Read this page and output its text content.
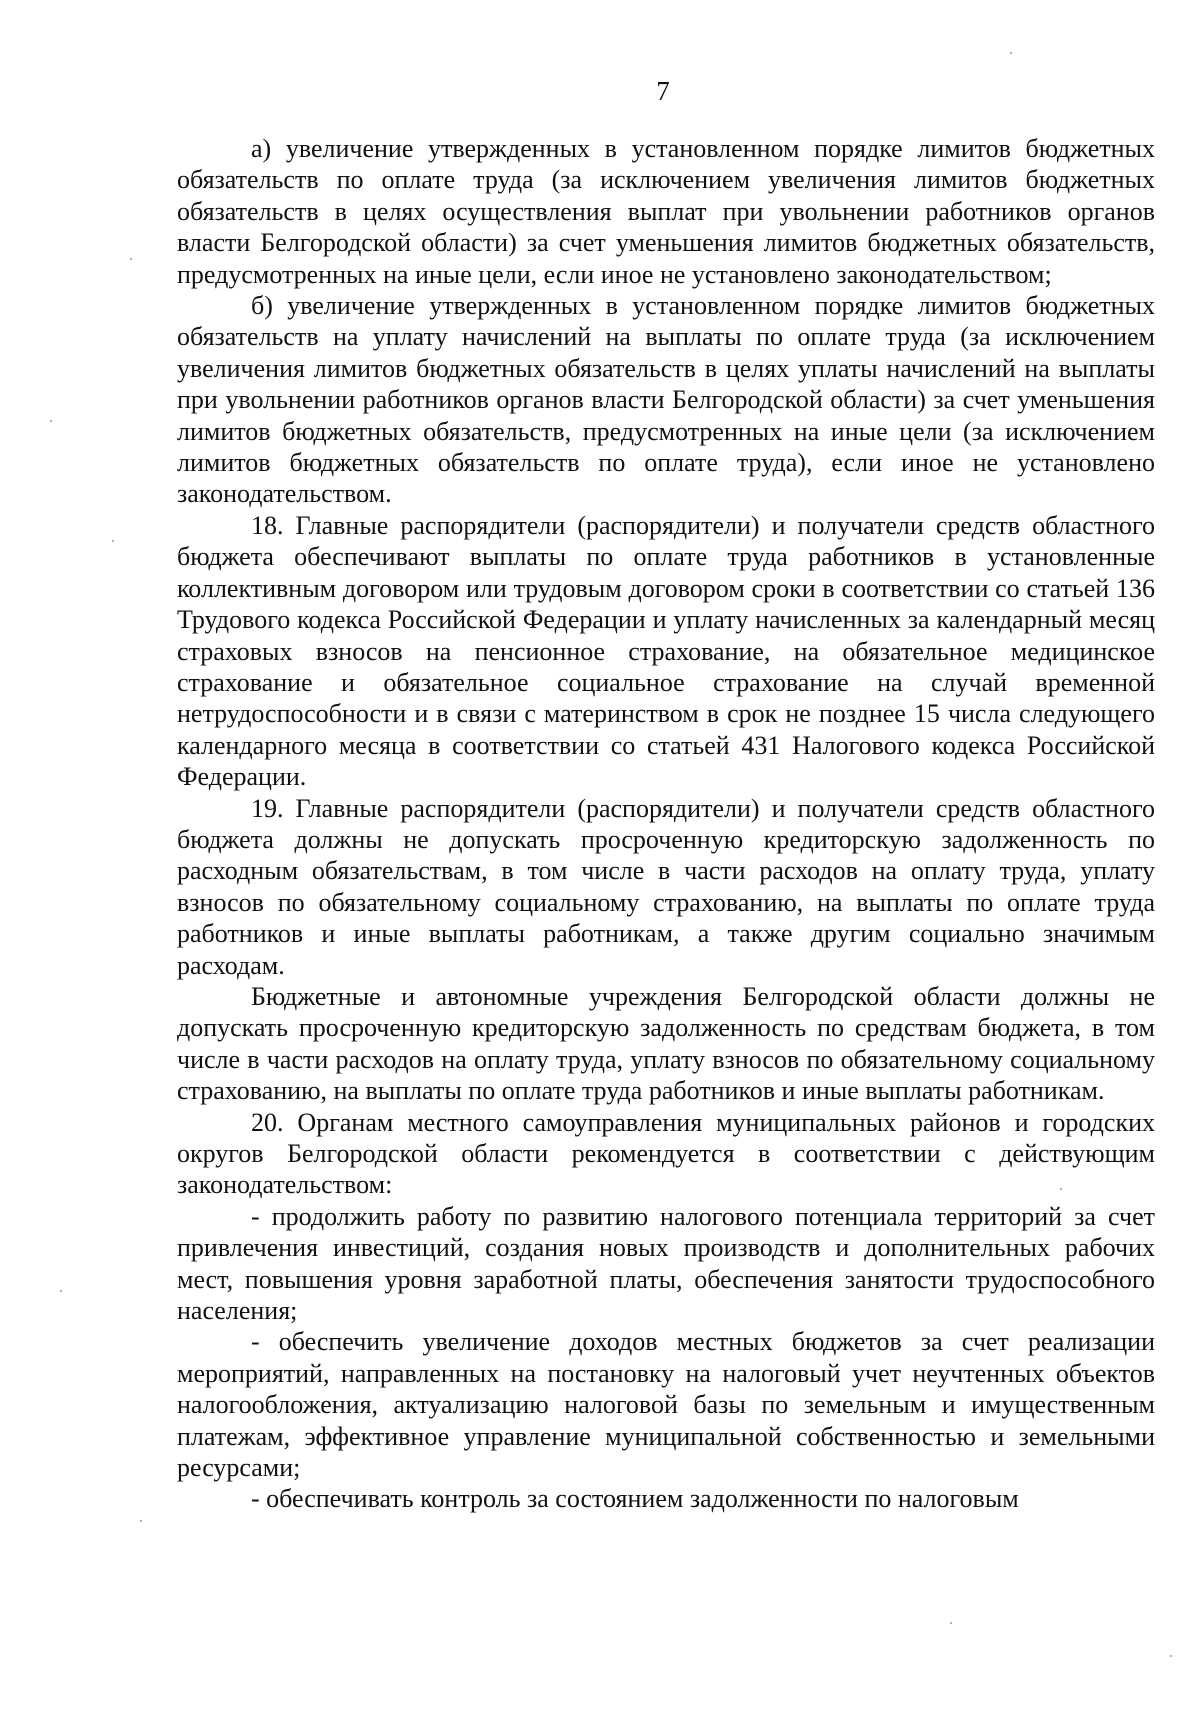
7

а) увеличение утвержденных в установленном порядке лимитов бюджетных обязательств по оплате труда (за исключением увеличения лимитов бюджетных обязательств в целях осуществления выплат при увольнении работников органов власти Белгородской области) за счет уменьшения лимитов бюджетных обязательств, предусмотренных на иные цели, если иное не установлено законодательством;

б) увеличение утвержденных в установленном порядке лимитов бюджетных обязательств на уплату начислений на выплаты по оплате труда (за исключением увеличения лимитов бюджетных обязательств в целях уплаты начислений на выплаты при увольнении работников органов власти Белгородской области) за счет уменьшения лимитов бюджетных обязательств, предусмотренных на иные цели (за исключением лимитов бюджетных обязательств по оплате труда), если иное не установлено законодательством.

18. Главные распорядители (распорядители) и получатели средств областного бюджета обеспечивают выплаты по оплате труда работников в установленные коллективным договором или трудовым договором сроки в соответствии со статьей 136 Трудового кодекса Российской Федерации и уплату начисленных за календарный месяц страховых взносов на пенсионное страхование, на обязательное медицинское страхование и обязательное социальное страхование на случай временной нетрудоспособности и в связи с материнством в срок не позднее 15 числа следующего календарного месяца в соответствии со статьей 431 Налогового кодекса Российской Федерации.

19. Главные распорядители (распорядители) и получатели средств областного бюджета должны не допускать просроченную кредиторскую задолженность по расходным обязательствам, в том числе в части расходов на оплату труда, уплату взносов по обязательному социальному страхованию, на выплаты по оплате труда работников и иные выплаты работникам, а также другим социально значимым расходам.

Бюджетные и автономные учреждения Белгородской области должны не допускать просроченную кредиторскую задолженность по средствам бюджета, в том числе в части расходов на оплату труда, уплату взносов по обязательному социальному страхованию, на выплаты по оплате труда работников и иные выплаты работникам.

20. Органам местного самоуправления муниципальных районов и городских округов Белгородской области рекомендуется в соответствии с действующим законодательством:

- продолжить работу по развитию налогового потенциала территорий за счет привлечения инвестиций, создания новых производств и дополнительных рабочих мест, повышения уровня заработной платы, обеспечения занятости трудоспособного населения;

- обеспечить увеличение доходов местных бюджетов за счет реализации мероприятий, направленных на постановку на налоговый учет неучтенных объектов налогообложения, актуализацию налоговой базы по земельным и имущественным платежам, эффективное управление муниципальной собственностью и земельными ресурсами;

- обеспечивать контроль за состоянием задолженности по налоговым
